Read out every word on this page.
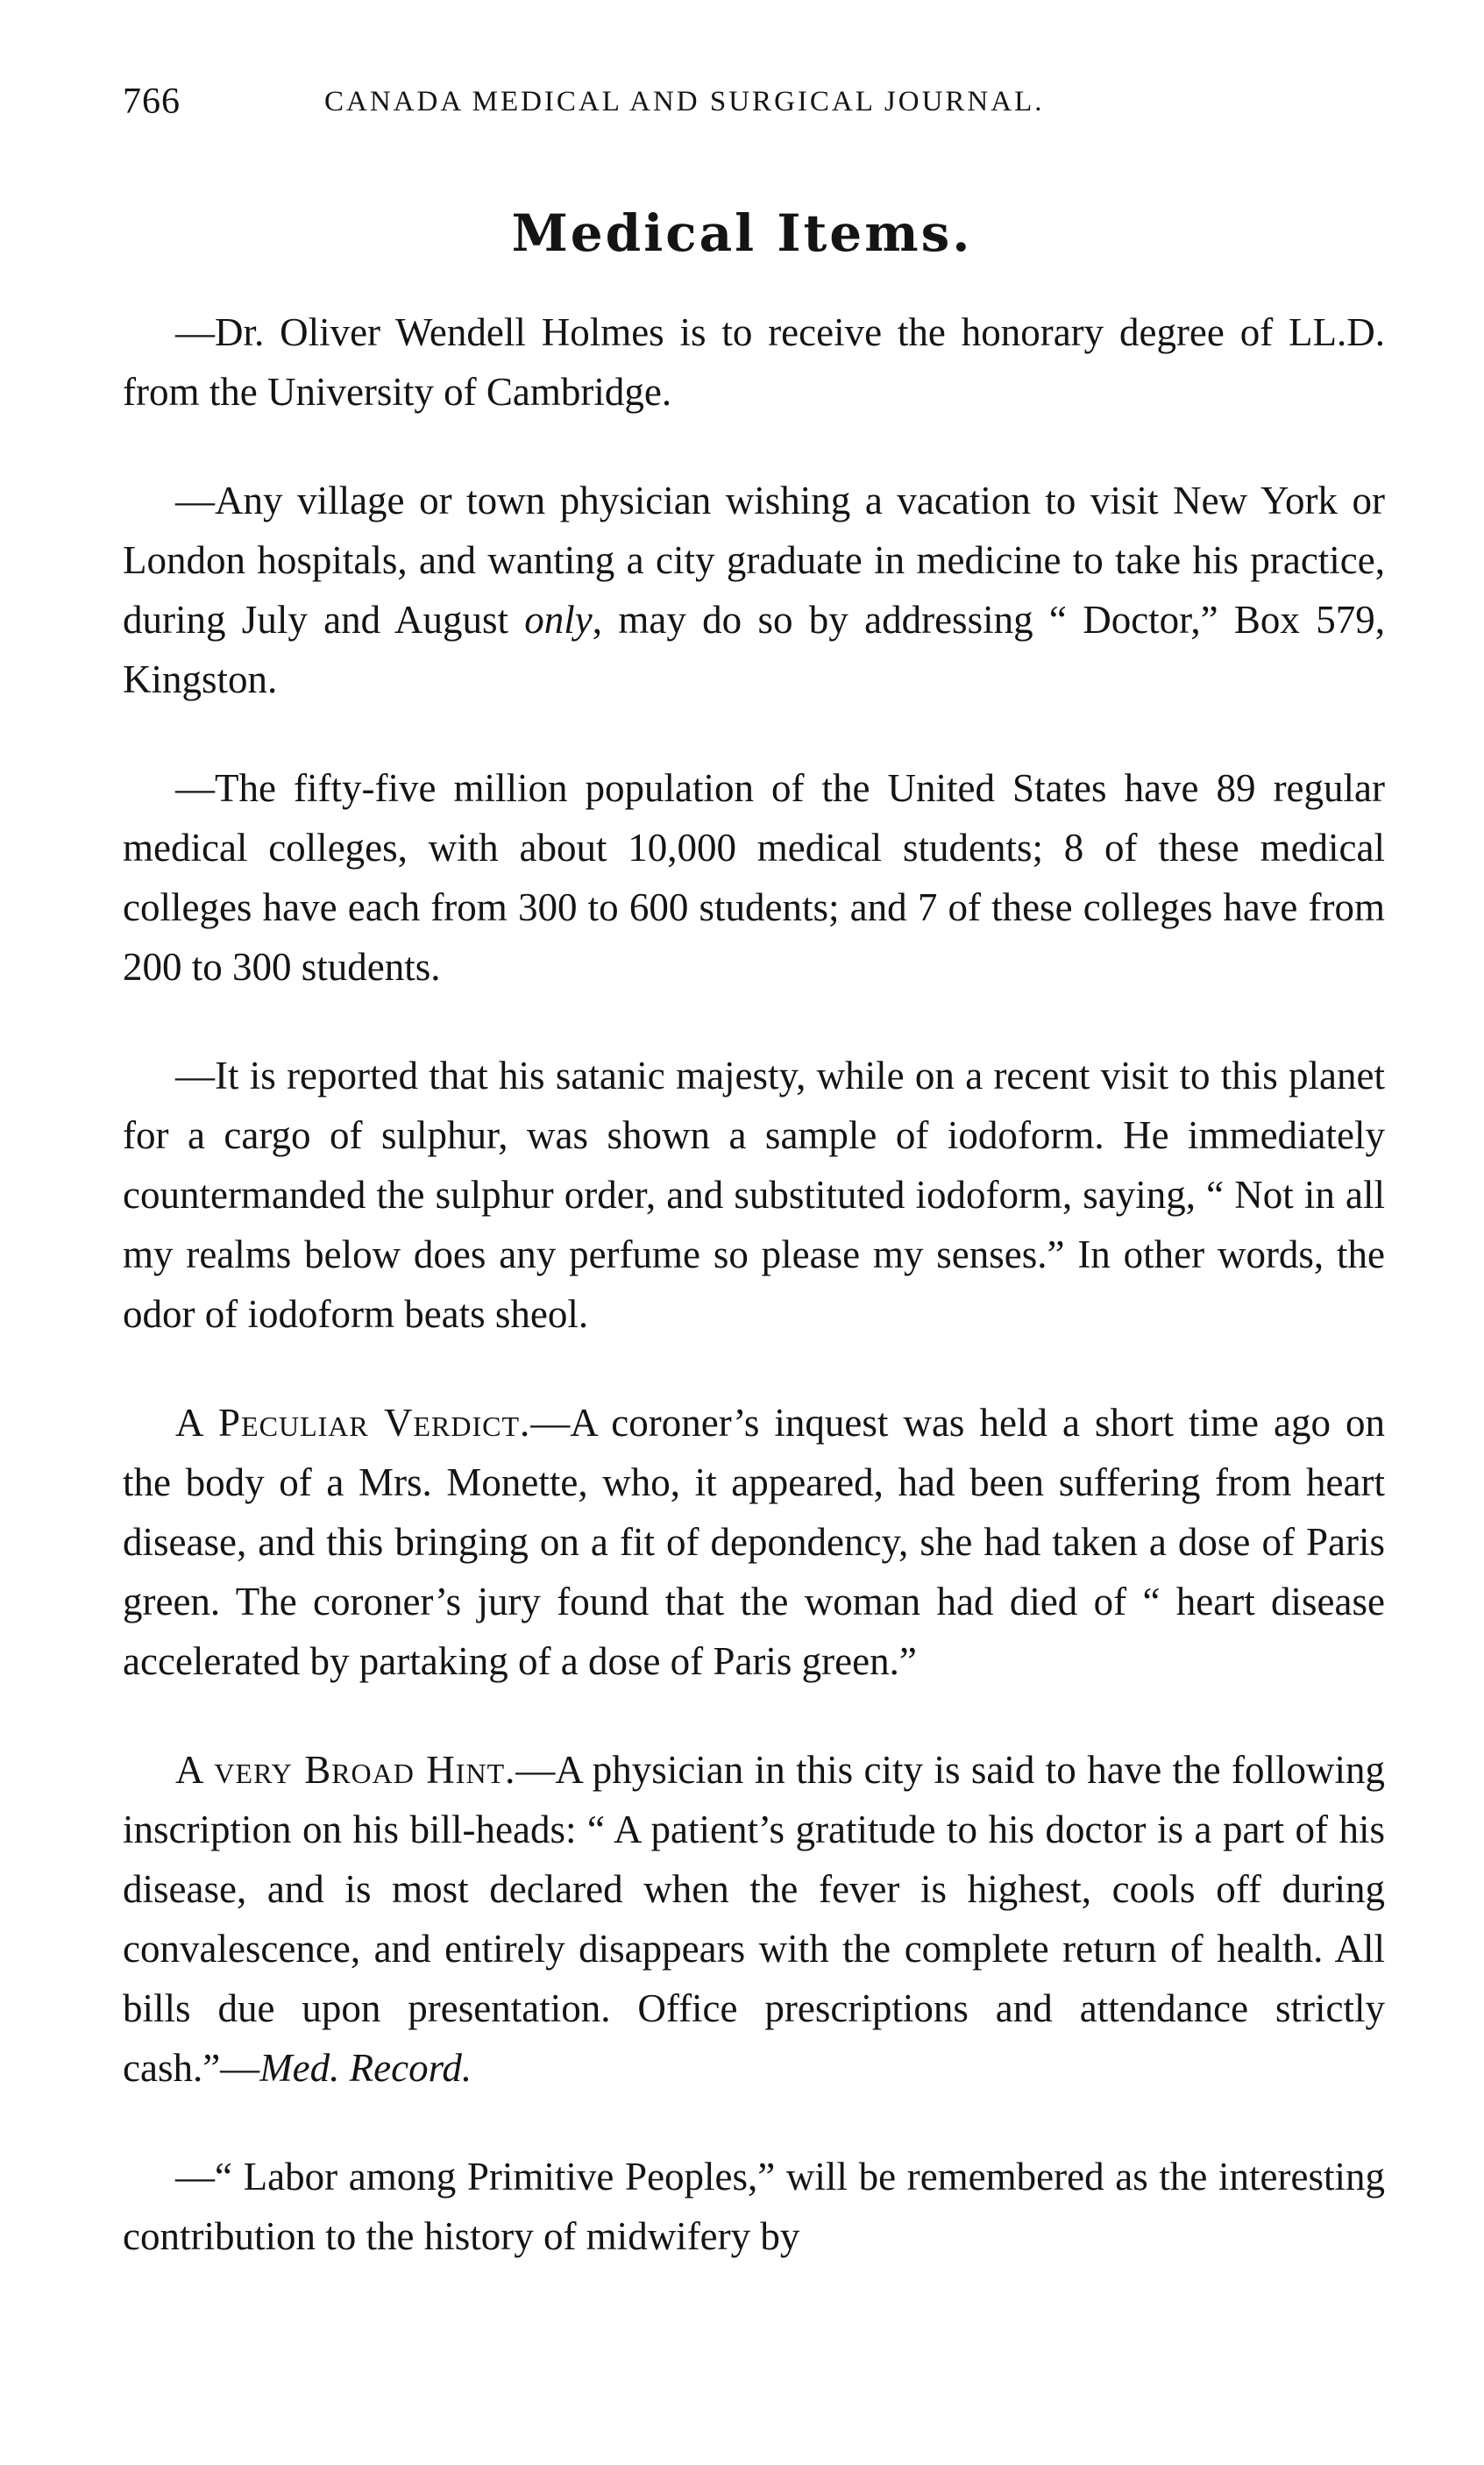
766	CANADA MEDICAL AND SURGICAL JOURNAL.
Medical Items.

—Dr. Oliver Wendell Holmes is to receive the honorary degree of LL.D. from the University of Cambridge.

—Any village or town physician wishing a vacation to visit New York or London hospitals, and wanting a city graduate in medicine to take his practice, during July and August only, may do so by addressing “ Doctor,” Box 579, Kingston.

—The fifty-five million population of the United States have 89 regular medical colleges, with about 10,000 medical students; 8 of these medical colleges have each from 300 to 600 students; and 7 of these colleges have from 200 to 300 students.

—It is reported that his satanic majesty, while on a recent visit to this planet for a cargo of sulphur, was shown a sample of iodoform. He immediately countermanded the sulphur order, and substituted iodoform, saying, “ Not in all my realms below does any perfume so please my senses.” In other words, the odor of iodoform beats sheol.

A Peculiar Verdict.—A coroner’s inquest was held a short time ago on the body of a Mrs. Monette, who, it appeared, had been suffering from heart disease, and this bringing on a fit of depondency, she had taken a dose of Paris green. The coroner’s jury found that the woman had died of “ heart disease accelerated by partaking of a dose of Paris green.”

A very Broad Hint.—A physician in this city is said to have the following inscription on his bill-heads: “ A patient’s gratitude to his doctor is a part of his disease, and is most declared when the fever is highest, cools off during convalescence, and entirely disappears with the complete return of health. All bills due upon presentation. Office prescriptions and attendance strictly cash.”—Med. Record.

—“ Labor among Primitive Peoples,” will be remembered as the interesting contribution to the history of midwifery by
